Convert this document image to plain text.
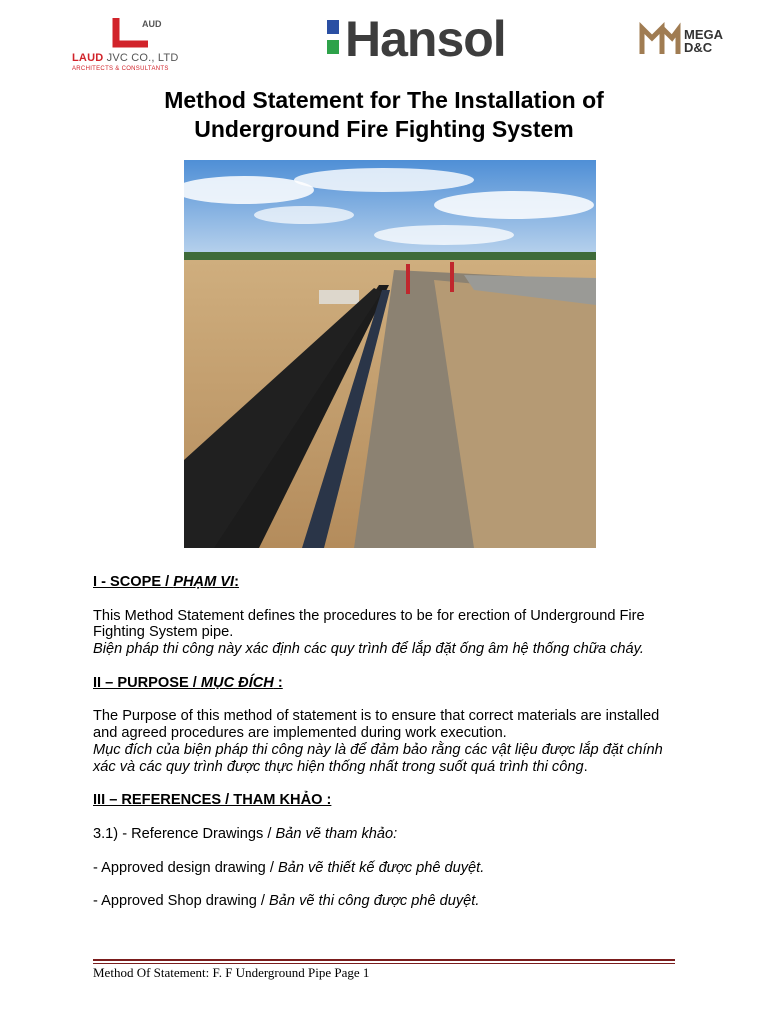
AUD
LAUD JVC CO., LTD
ARCHITECTS & CONSULTANTS
Hansol	MEGA
D&C
Method Statement for The Installation of
Underground Fire Fighting System

I - SCOPE / PHẠM VI:

This Method Statement defines the procedures to be for erection of Underground Fire Fighting System pipe.

Biện pháp thi công này xác định các quy trình để lắp đặt ống âm hệ thống chữa cháy.

II – PURPOSE / MỤC ĐÍCH :

The Purpose of this method of statement is to ensure that correct materials are installed and agreed procedures are implemented during work execution.

Mục đích của biện pháp thi công này là để đảm bảo rằng các vật liệu được lắp đặt chính xác và các quy trình được thực hiện thống nhất trong suốt quá trình thi công.

III – REFERENCES / THAM KHẢO :

3.1) - Reference Drawings / Bản vẽ tham khảo:

- Approved design drawing / Bản vẽ thiết kế được phê duyệt.

- Approved Shop drawing / Bản vẽ thi công được phê duyệt.

Method Of Statement: F. F Underground Pipe Page 1
